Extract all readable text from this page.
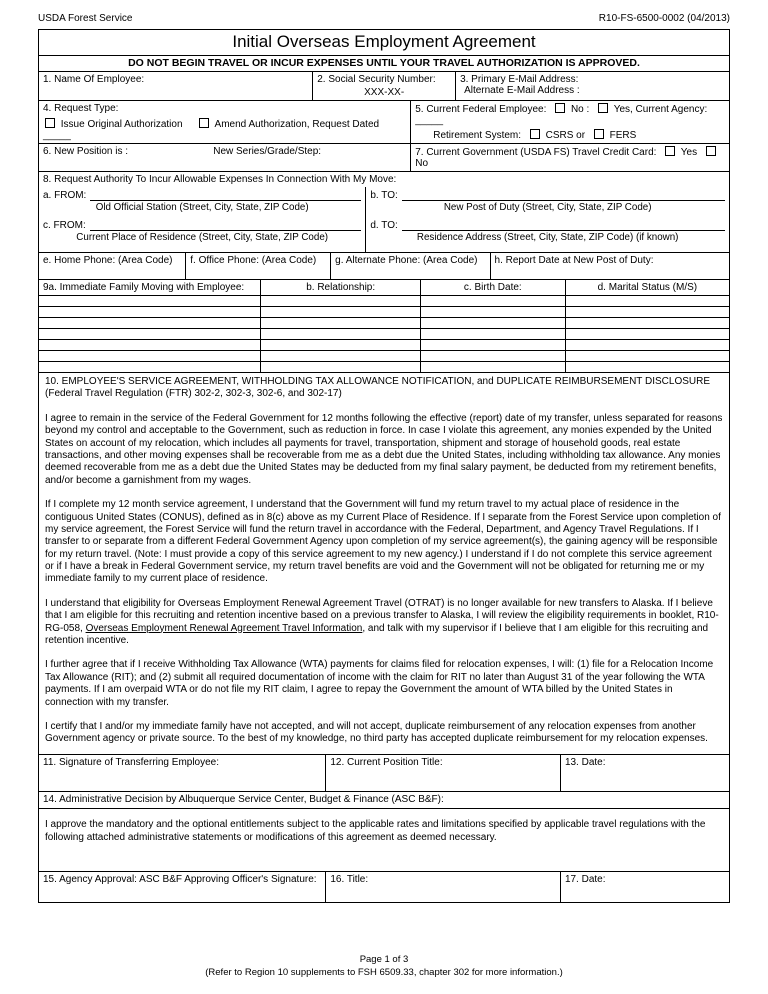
USDA Forest Service	R10-FS-6500-0002 (04/2013)
Initial Overseas Employment Agreement
DO NOT BEGIN TRAVEL OR INCUR EXPENSES UNTIL YOUR TRAVEL AUTHORIZATION IS APPROVED.
1. Name Of Employee:	2. Social Security Number:
XXX-XX-
3. Primary E-Mail Address:
Alternate E-Mail Address :
4. Request Type:
Issue Original Authorization	Amend Authorization, Request Dated _____
5. Current Federal Employee: No : Yes, Current Agency: _____
Retirement System: CSRS or FERS
6. New Position is :	New Series/Grade/Step:	7. Current Government (USDA FS) Travel Credit Card: Yes  No
8. Request Authority To Incur Allowable Expenses In Connection With My Move:
a. FROM:
Old Official Station (Street, City, State, ZIP Code)
c. FROM:
Current Place of Residence (Street, City, State, ZIP Code)
b. TO:
New Post of Duty (Street, City, State, ZIP Code)
d. TO:
Residence Address (Street, City, State, ZIP Code) (if known)
e. Home Phone: (Area Code)	f. Office Phone: (Area Code)	g. Alternate Phone: (Area Code)	h. Report Date at New Post of Duty:
9a. Immediate Family Moving with Employee:	b. Relationship:	c. Birth Date:	d. Marital Status (M/S)

10. EMPLOYEE'S SERVICE AGREEMENT, WITHHOLDING TAX ALLOWANCE NOTIFICATION, and DUPLICATE REIMBURSEMENT DISCLOSURE (Federal Travel Regulation (FTR) 302-2, 302-3, 302-6, and 302-17)

I agree to remain in the service of the Federal Government for 12 months following the effective (report) date of my transfer, unless separated for reasons beyond my control and acceptable to the Government, such as reduction in force. In case I violate this agreement, any monies expended by the United States on account of my relocation, which includes all payments for travel, transportation, shipment and storage of household goods, real estate transactions, and other moving expenses shall be recoverable from me as a debt due the United States, including withholding tax allowance. Any monies deemed recoverable from me as a debt due the United States may be deducted from my final salary payment, be deducted from my retirement benefits, and/or become a garnishment from my wages.

If I complete my 12 month service agreement, I understand that the Government will fund my return travel to my actual place of residence in the contiguous United States (CONUS), defined as in 8(c) above as my Current Place of Residence. If I separate from the Forest Service upon completion of my service agreement, the Forest Service will fund the return travel in accordance with the Federal, Department, and Agency Travel Regulations. If I transfer to or separate from a different Federal Government Agency upon completion of my service agreement(s), the gaining agency will be responsible for my return travel. (Note: I must provide a copy of this service agreement to my new agency.) I understand if I do not complete this service agreement or if I have a break in Federal Government service, my return travel benefits are void and the Government will not be obligated for returning me or my immediate family to my current place of residence.

I understand that eligibility for Overseas Employment Renewal Agreement Travel (OTRAT) is no longer available for new transfers to Alaska. If I believe that I am eligible for this recruiting and retention incentive based on a previous transfer to Alaska, I will review the eligibility requirements in booklet, R10-RG-058, Overseas Employment Renewal Agreement Travel Information, and talk with my supervisor if I believe that I am eligible for this recruiting and retention incentive.

I further agree that if I receive Withholding Tax Allowance (WTA) payments for claims filed for relocation expenses, I will: (1) file for a Relocation Income Tax Allowance (RIT); and (2) submit all required documentation of income with the claim for RIT no later than August 31 of the year following the WTA payments. If I am overpaid WTA or do not file my RIT claim, I agree to repay the Government the amount of WTA billed by the United States in connection with my transfer.

I certify that I and/or my immediate family have not accepted, and will not accept, duplicate reimbursement of any relocation expenses from another Government agency or private source. To the best of my knowledge, no third party has accepted duplicate reimbursement for my relocation expenses.

11. Signature of Transferring Employee:	12. Current Position Title:	13. Date:
14. Administrative Decision by Albuquerque Service Center, Budget & Finance (ASC B&F):
I approve the mandatory and the optional entitlements subject to the applicable rates and limitations specified by applicable travel regulations with the following attached administrative statements or modifications of this agreement as deemed necessary.
15. Agency Approval: ASC B&F Approving Officer's Signature:	16. Title:	17. Date:
Page 1 of 3
(Refer to Region 10 supplements to FSH 6509.33, chapter 302 for more information.)
